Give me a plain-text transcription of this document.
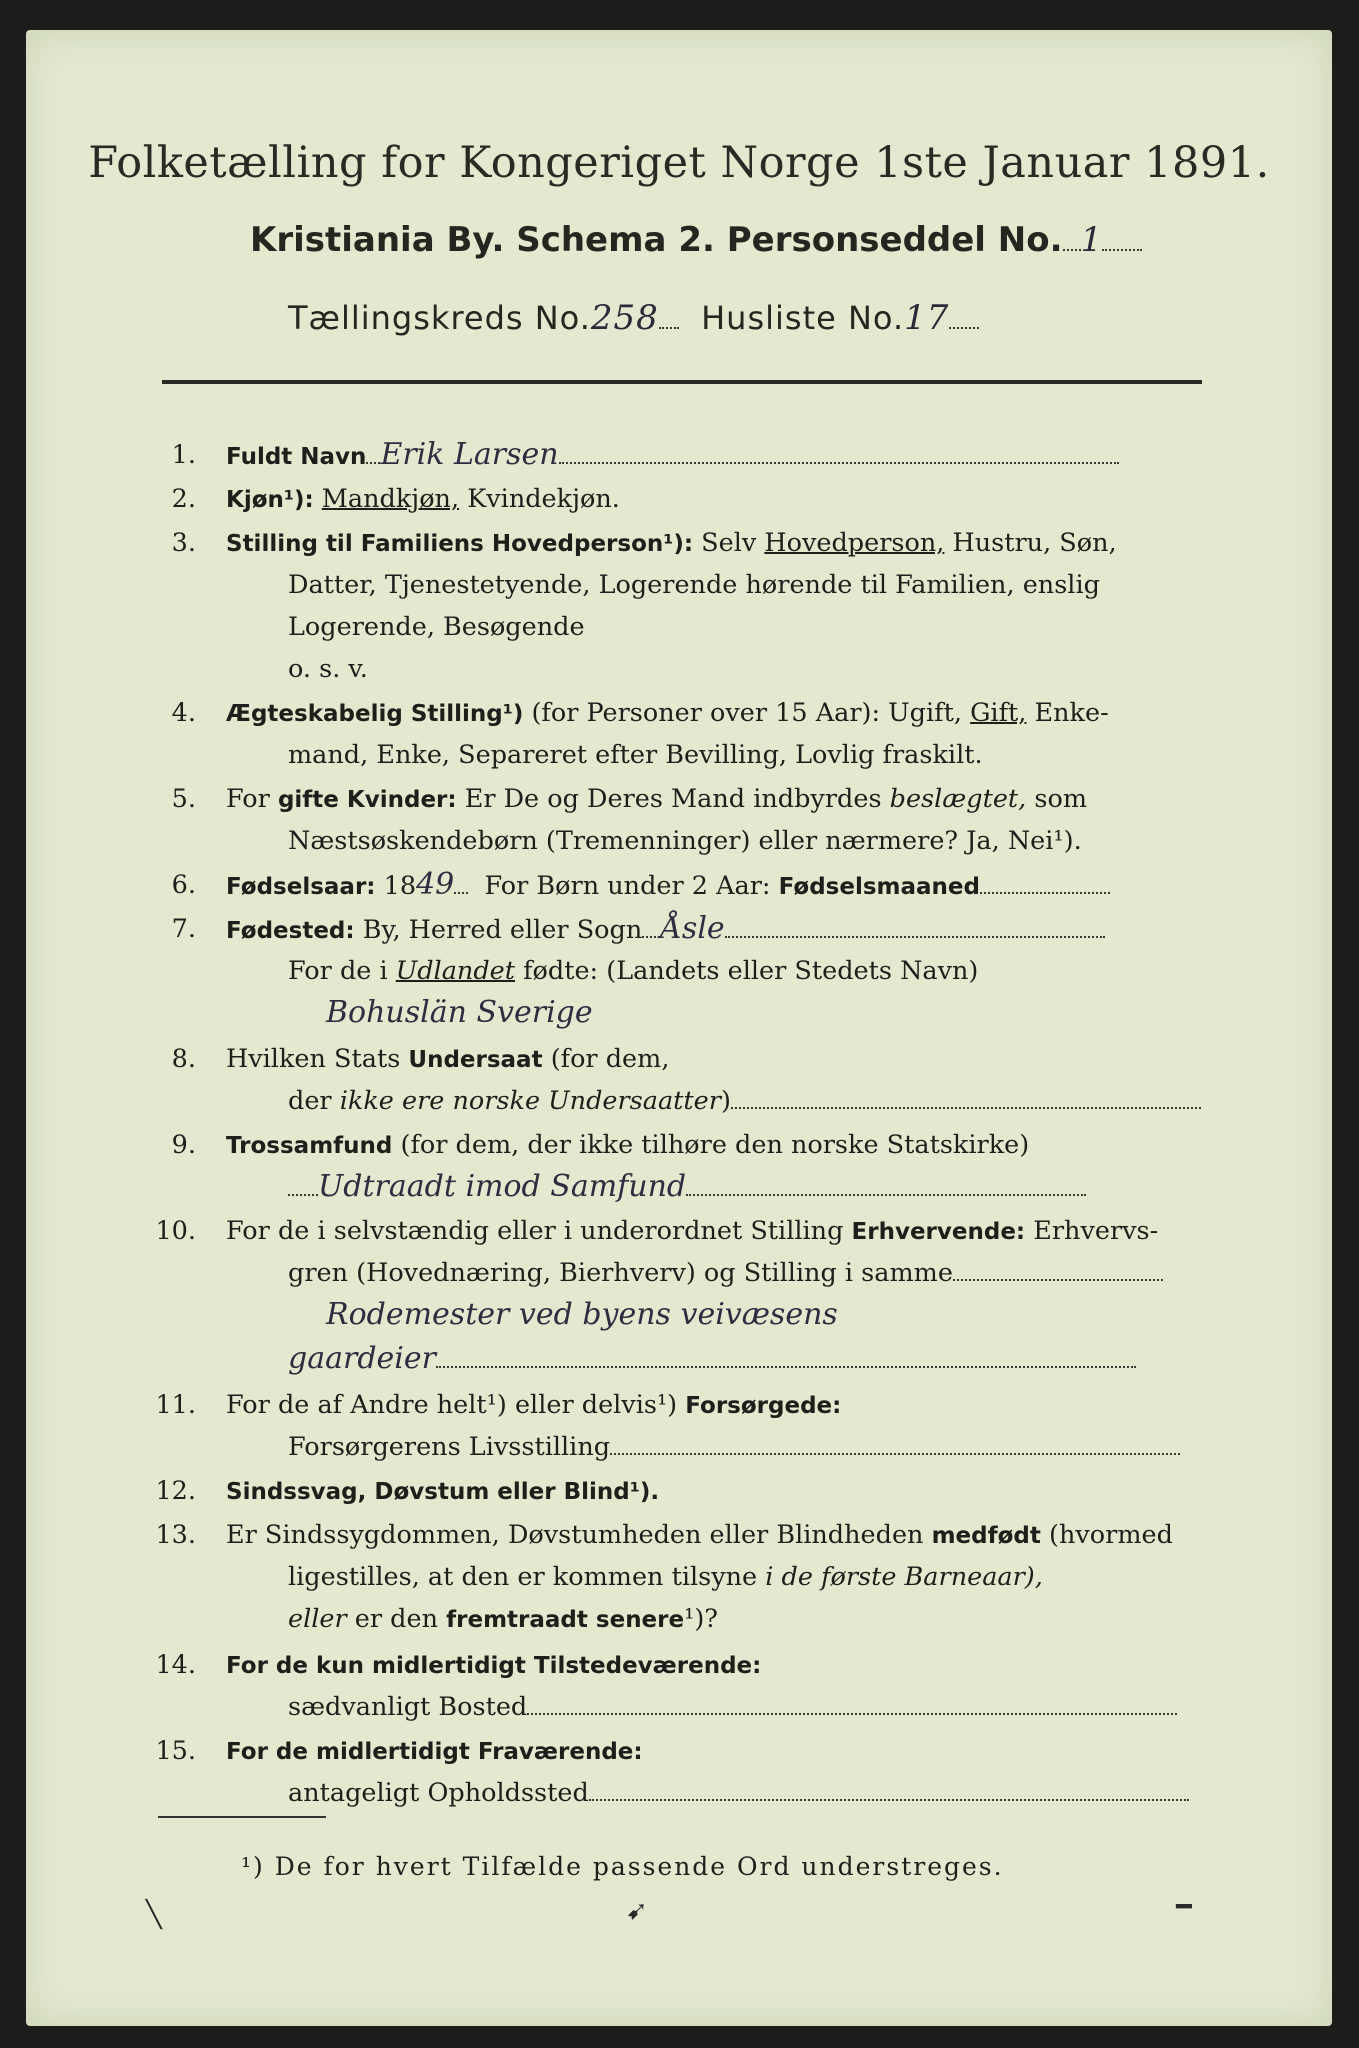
Folketælling for Kongeriget Norge 1ste Januar 1891.
Kristiania By. Schema 2. Personseddel No. 1
Tællingskreds No.258 Husliste No.17
1. Fuldt Navn Erik Larsen
2. Kjøn¹): Mandkjøn, Kvindekjøn.
3. Stilling til Familiens Hovedperson¹): Selv Hovedperson, Hustru, Søn,
Datter, Tjenestetyende, Logerende hørende til Familien, enslig
Logerende, Besøgende
o. s. v.
4. Ægteskabelig Stilling¹) (for Personer over 15 Aar): Ugift, Gift, Enke-
mand, Enke, Separeret efter Bevilling, Lovlig fraskilt.
5. For gifte Kvinder: Er De og Deres Mand indbyrdes beslægtet, som
Næstsøskendebørn (Tremenninger) eller nærmere? Ja, Nei¹).
6. Fødselsaar: 1849 For Børn under 2 Aar: Fødselsmaaned
7. Fødested: By, Herred eller Sogn Åsle
For de i Udlandet fødte: (Landets eller Stedets Navn)
Bohuslän Sverige
8. Hvilken Stats Undersaat (for dem,
der ikke ere norske Undersaatter)
9. Trossamfund (for dem, der ikke tilhøre den norske Statskirke)
Udtraadt imod Samfund
10. For de i selvstændig eller i underordnet Stilling Erhvervende: Erhvervs-
gren (Hovednæring, Bierhverv) og Stilling i samme
Rodemester ved byens veivæsens
gaardeier
11. For de af Andre helt¹) eller delvis¹) Forsørgede:
Forsørgerens Livsstilling
12. Sindssvag, Døvstum eller Blind¹).
13. Er Sindssygdommen, Døvstumheden eller Blindheden medfødt (hvormed
ligestilles, at den er kommen tilsyne i de første Barneaar),
eller er den fremtraadt senere¹)?
14. For de kun midlertidigt Tilstedeværende:
sædvanligt Bosted
15. For de midlertidigt Fraværende:
antageligt Opholdssted
¹) De for hvert Tilfælde passende Ord understreges.
╲	➹	━
